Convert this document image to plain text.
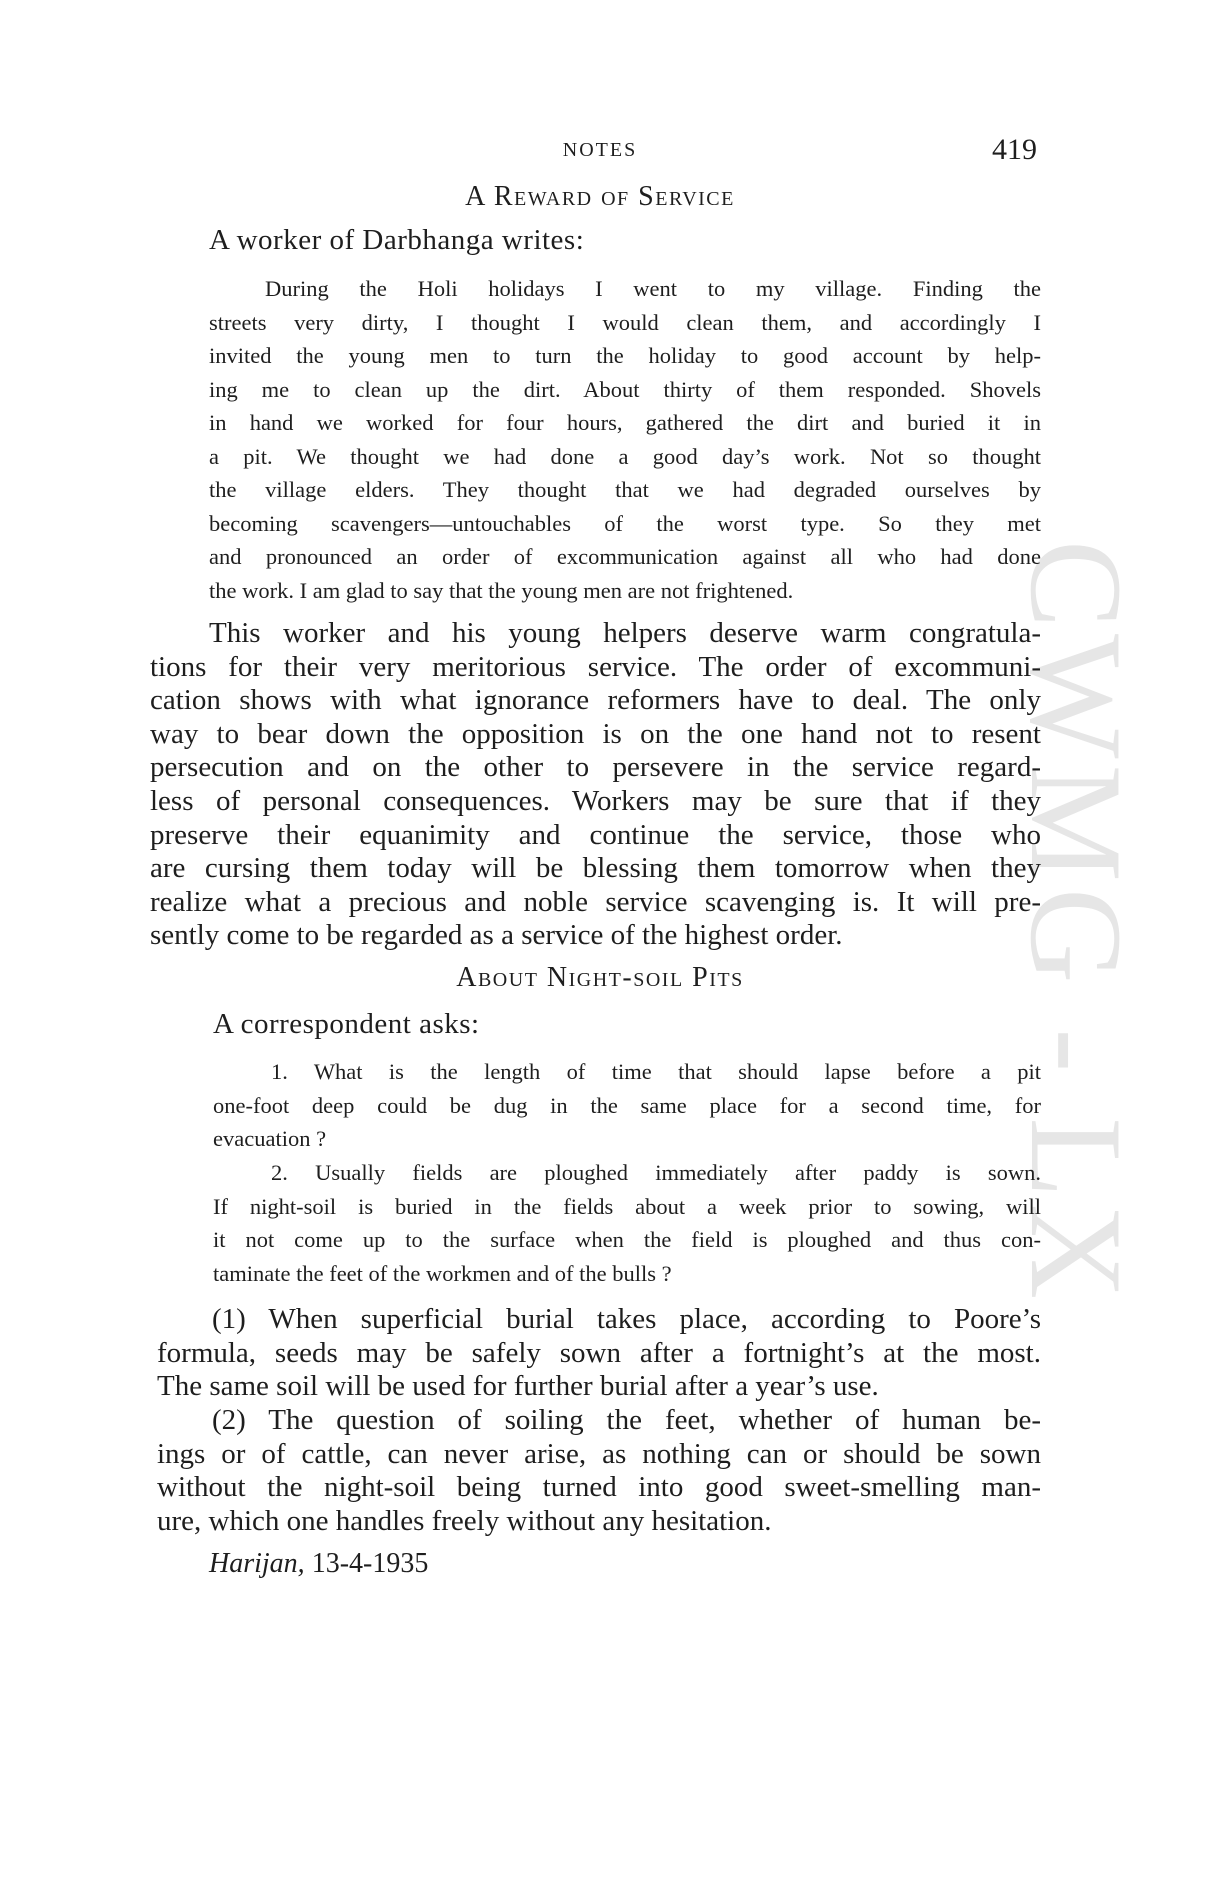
CWMG - LX
NOTES	419
A Reward of Service
A worker of Darbhanga writes:
During the Holi holidays I went to my village. Finding the
streets very dirty, I thought I would clean them, and accordingly I
invited the young men to turn the holiday to good account by help-
ing me to clean up the dirt. About thirty of them responded. Shovels
in hand we worked for four hours, gathered the dirt and buried it in
a pit. We thought we had done a good day’s work. Not so thought
the village elders. They thought that we had degraded ourselves by
becoming scavengers—untouchables of the worst type. So they met
and pronounced an order of excommunication against all who had done
the work. I am glad to say that the young men are not frightened.
This worker and his young helpers deserve warm congratula-
tions for their very meritorious service. The order of excommuni-
cation shows with what ignorance reformers have to deal. The only
way to bear down the opposition is on the one hand not to resent
persecution and on the other to persevere in the service regard-
less of personal consequences. Workers may be sure that if they
preserve their equanimity and continue the service, those who
are cursing them today will be blessing them tomorrow when they
realize what a precious and noble service scavenging is. It will pre-
sently come to be regarded as a service of the highest order.
About Night-soil Pits
A correspondent asks:
1. What is the length of time that should lapse before a pit
one-foot deep could be dug in the same place for a second time, for
evacuation ?
2. Usually fields are ploughed immediately after paddy is sown.
If night-soil is buried in the fields about a week prior to sowing, will
it not come up to the surface when the field is ploughed and thus con-
taminate the feet of the workmen and of the bulls ?
(1) When superficial burial takes place, according to Poore’s
formula, seeds may be safely sown after a fortnight’s at the most.
The same soil will be used for further burial after a year’s use.
(2) The question of soiling the feet, whether of human be-
ings or of cattle, can never arise, as nothing can or should be sown
without the night-soil being turned into good sweet-smelling man-
ure, which one handles freely without any hesitation.
Harijan, 13-4-1935
